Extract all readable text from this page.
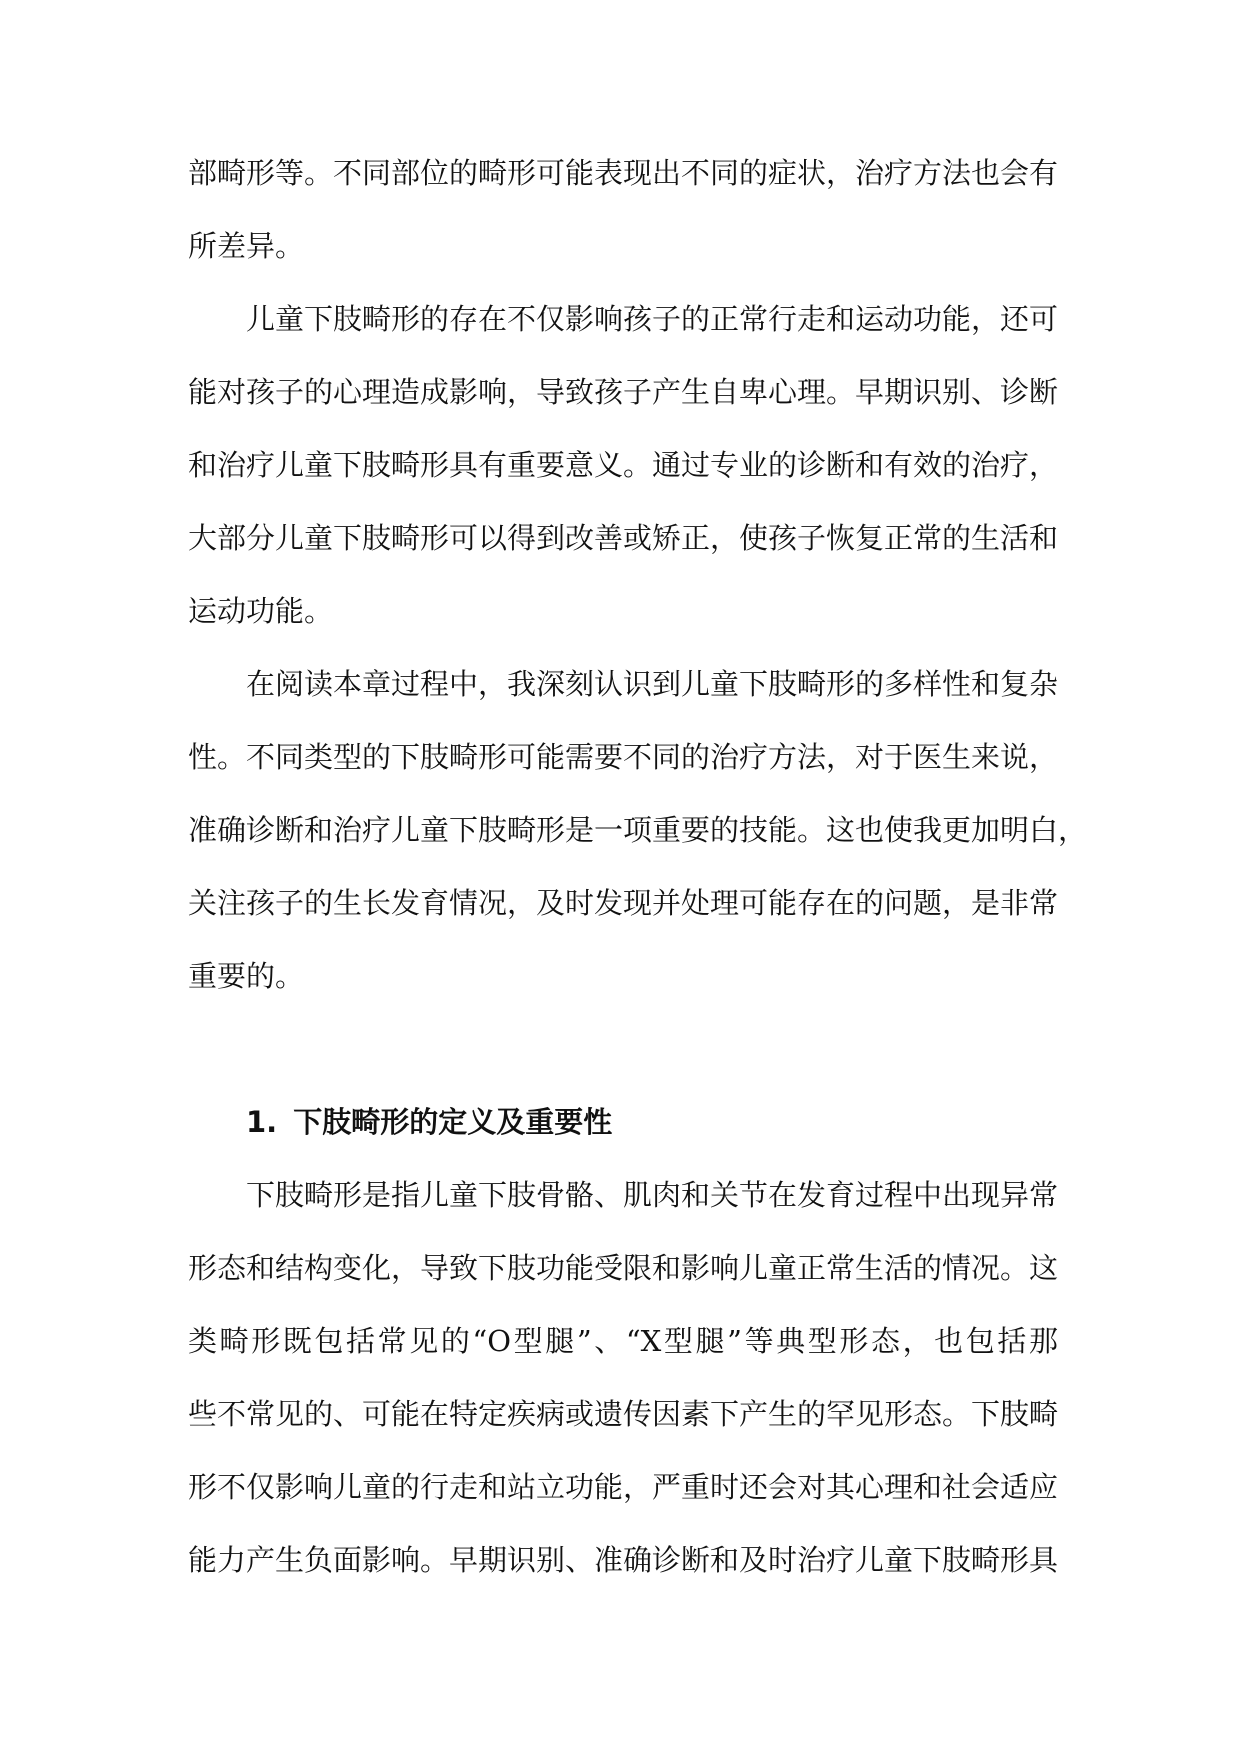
部畸形等。不同部位的畸形可能表现出不同的症状，治疗方法也会有
所差异。
儿童下肢畸形的存在不仅影响孩子的正常行走和运动功能，还可
能对孩子的心理造成影响，导致孩子产生自卑心理。早期识别、诊断
和治疗儿童下肢畸形具有重要意义。通过专业的诊断和有效的治疗，
大部分儿童下肢畸形可以得到改善或矫正，使孩子恢复正常的生活和
运动功能。
在阅读本章过程中，我深刻认识到儿童下肢畸形的多样性和复杂
性。不同类型的下肢畸形可能需要不同的治疗方法，对于医生来说，
准确诊断和治疗儿童下肢畸形是一项重要的技能。这也使我更加明白，
关注孩子的生长发育情况，及时发现并处理可能存在的问题，是非常
重要的。
1. 下肢畸形的定义及重要性
下肢畸形是指儿童下肢骨骼、肌肉和关节在发育过程中出现异常
形态和结构变化，导致下肢功能受限和影响儿童正常生活的情况。这
类畸形既包括常见的“O型腿”、“X型腿”等典型形态，也包括那
些不常见的、可能在特定疾病或遗传因素下产生的罕见形态。下肢畸
形不仅影响儿童的行走和站立功能，严重时还会对其心理和社会适应
能力产生负面影响。早期识别、准确诊断和及时治疗儿童下肢畸形具
